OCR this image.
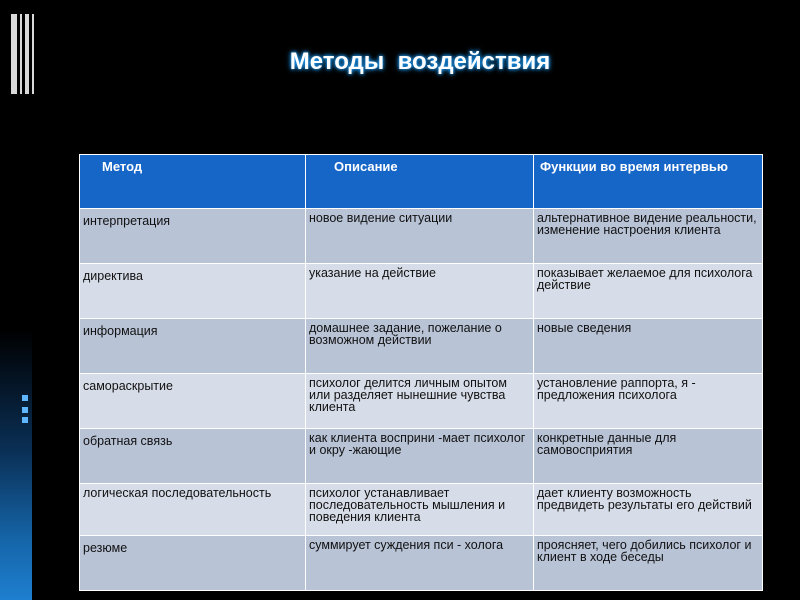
Методы  воздействия
Метод	Описание	Функции во время интервью
интерпретация	новое видение ситуации	альтернативное видение реальности, изменение настроения клиента
директива	указание на действие	показывает желаемое для психолога действие
информация	домашнее задание, пожелание о возможном действии	новые сведения
самораскрытие	психолог делится личным опытом или разделяет нынешние чувства клиента	установление раппорта, я - предложения психолога
обратная связь	как клиента восприни -мает психолог и окру -жающие	конкретные данные для самовосприятия
логическая последовательность	психолог устанавливает последовательность мышления и поведения клиента	дает клиенту возможность предвидеть результаты его действий
резюме	суммирует суждения пси - холога	проясняет, чего добились психолог и клиент в ходе беседы
